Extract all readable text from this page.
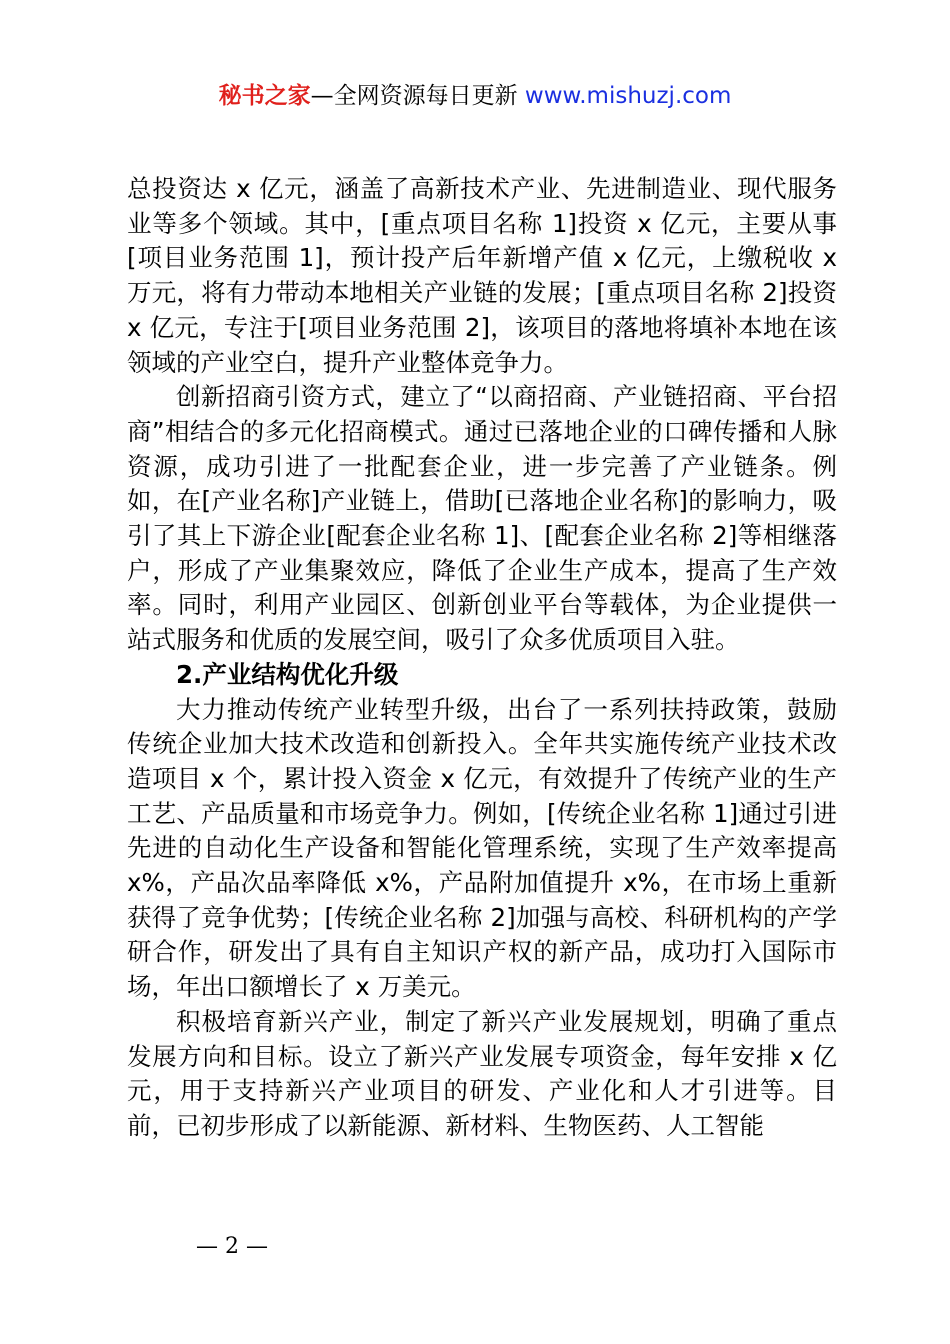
秘书之家—全网资源每日更新 www.mishuzj.com

总投资达 x 亿元，涵盖了高新技术产业、先进制造业、现代服务业等多个领域。其中，[重点项目名称 1]投资 x 亿元，主要从事[项目业务范围 1]，预计投产后年新增产值 x 亿元，上缴税收 x 万元，将有力带动本地相关产业链的发展；[重点项目名称 2]投资 x 亿元，专注于[项目业务范围 2]，该项目的落地将填补本地在该领域的产业空白，提升产业整体竞争力。

创新招商引资方式，建立了“以商招商、产业链招商、平台招商”相结合的多元化招商模式。通过已落地企业的口碑传播和人脉资源，成功引进了一批配套企业，进一步完善了产业链条。例如，在[产业名称]产业链上，借助[已落地企业名称]的影响力，吸引了其上下游企业[配套企业名称 1]、[配套企业名称 2]等相继落户，形成了产业集聚效应，降低了企业生产成本，提高了生产效率。同时，利用产业园区、创新创业平台等载体，为企业提供一站式服务和优质的发展空间，吸引了众多优质项目入驻。

2.产业结构优化升级

大力推动传统产业转型升级，出台了一系列扶持政策，鼓励传统企业加大技术改造和创新投入。全年共实施传统产业技术改造项目 x 个，累计投入资金 x 亿元，有效提升了传统产业的生产工艺、产品质量和市场竞争力。例如，[传统企业名称 1]通过引进先进的自动化生产设备和智能化管理系统，实现了生产效率提高 x%，产品次品率降低 x%，产品附加值提升 x%，在市场上重新获得了竞争优势；[传统企业名称 2]加强与高校、科研机构的产学研合作，研发出了具有自主知识产权的新产品，成功打入国际市场，年出口额增长了 x 万美元。

积极培育新兴产业，制定了新兴产业发展规划，明确了重点发展方向和目标。设立了新兴产业发展专项资金，每年安排 x 亿元，用于支持新兴产业项目的研发、产业化和人才引进等。目前，已初步形成了以新能源、新材料、生物医药、人工智能

— 2 —
